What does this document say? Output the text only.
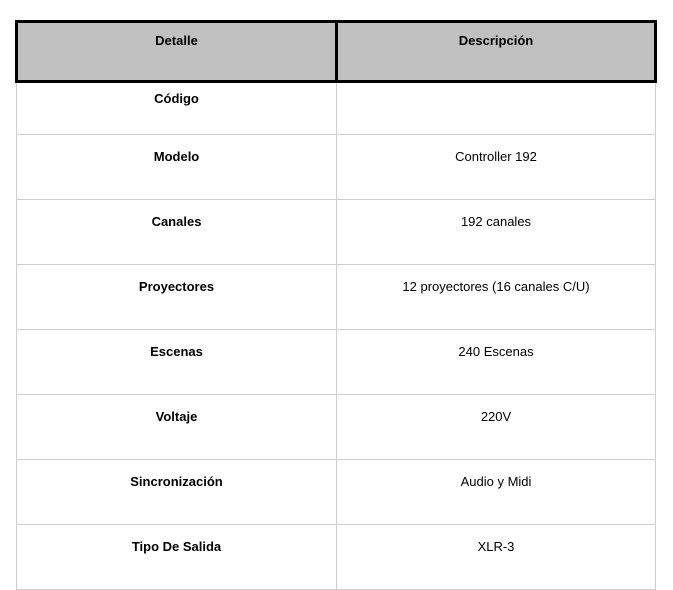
Detalle	Descripción
Código	
Modelo	Controller 192
Canales	192 canales
Proyectores	12 proyectores (16 canales C/U)
Escenas	240 Escenas
Voltaje	220V
Sincronización	Audio y Midi
Tipo De Salida	XLR-3
